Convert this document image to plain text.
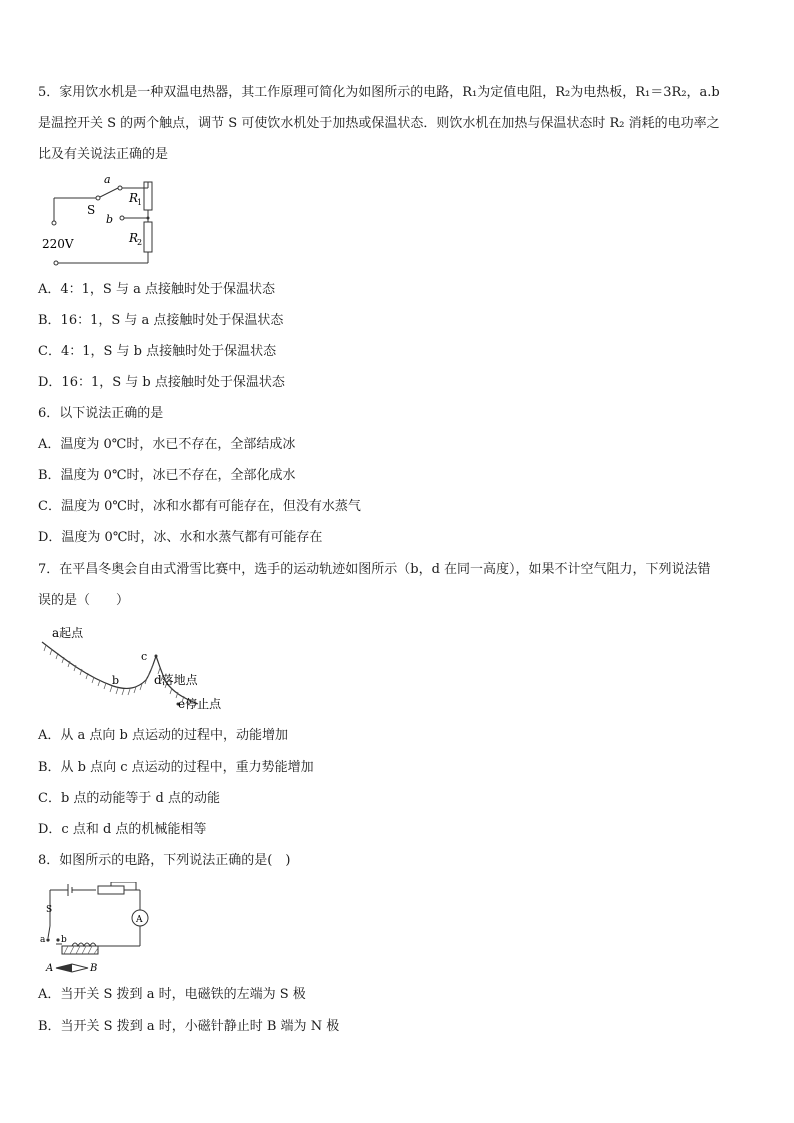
5．家用饮水机是一种双温电热器，其工作原理可简化为如图所示的电路，R₁为定值电阻，R₂为电热板，R₁＝3R₂，a.b
是温控开关 S 的两个触点，调节 S 可使饮水机处于加热或保温状态．则饮水机在加热与保温状态时 R₂ 消耗的电功率之
比及有关说法正确的是
a
S
b
R
1
R
2
220V
A．4：1，S 与 a 点接触时处于保温状态
B．16：1，S 与 a 点接触时处于保温状态
C．4：1，S 与 b 点接触时处于保温状态
D．16：1，S 与 b 点接触时处于保温状态
6．以下说法正确的是
A．温度为 0℃时，水已不存在，全部结成冰
B．温度为 0℃时，冰已不存在，全部化成水
C．温度为 0℃时，冰和水都有可能存在，但没有水蒸气
D．温度为 0℃时，冰、水和水蒸气都有可能存在
7．在平昌冬奥会自由式滑雪比赛中，选手的运动轨迹如图所示（b，d 在同一高度），如果不计空气阻力，下列说法错
误的是（　　）
a起点
b
c
d落地点
e停止点
A．从 a 点向 b 点运动的过程中，动能增加
B．从 b 点向 c 点运动的过程中，重力势能增加
C．b 点的动能等于 d 点的动能
D．c 点和 d 点的机械能相等
8．如图所示的电路，下列说法正确的是(　)
A
S
a b
A	B
A．当开关 S 拨到 a 时，电磁铁的左端为 S 极
B．当开关 S 拨到 a 时，小磁针静止时 B 端为 N 极
